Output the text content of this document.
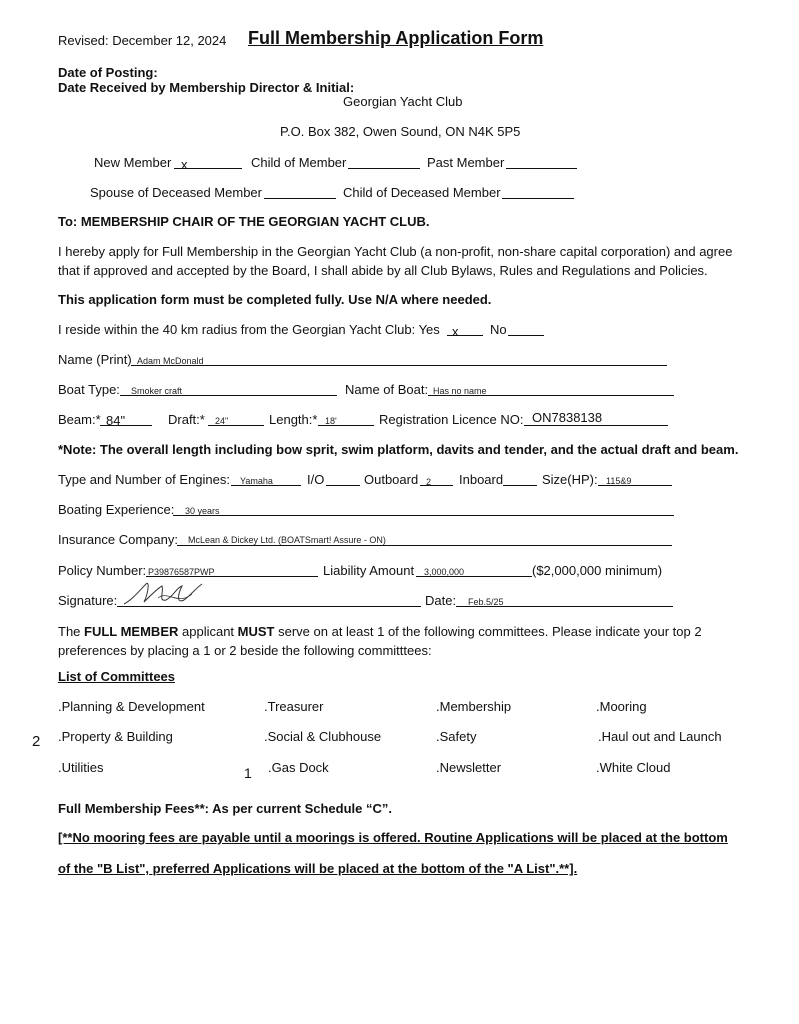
Revised: December 12, 2024 Full Membership Application Form
Date of Posting:
Date Received by Membership Director & Initial:
Georgian Yacht Club
P.O. Box 382, Owen Sound, ON N4K 5P5
New Member x	Child of Member	Past Member
Spouse of Deceased Member	Child of Deceased Member
To: MEMBERSHIP CHAIR OF THE GEORGIAN YACHT CLUB.
I hereby apply for Full Membership in the Georgian Yacht Club (a non-profit, non-share capital corporation) and agree that if approved and accepted by the Board, I shall abide by all Club Bylaws, Rules and Regulations and Policies.
This application form must be completed fully. Use N/A where needed.
I reside within the 40 km radius from the Georgian Yacht Club: Yes x No
Name (Print) Adam McDonald
Boat Type: Smoker craft	Name of Boat: Has no name
Beam:* 84"	Draft:* 24"	Length:* 18'	Registration Licence NO: ON7838138
*Note: The overall length including bow sprit, swim platform, davits and tender, and the actual draft and beam.
Type and Number of Engines: Yamaha	I/O	Outboard 2 Inboard	Size(HP): 115&9
Boating Experience: 30 years
Insurance Company: McLean & Dickey Ltd. (BOATSmart! Assure - ON)
Policy Number: P39876587PWP	Liability Amount 3,000,000	($2,000,000 minimum)
Signature:	Date: Feb.5/25
The FULL MEMBER applicant MUST serve on at least 1 of the following committees. Please indicate your top 2 preferences by placing a 1 or 2 beside the following committtees:
List of Committees
.Planning & Development	.Treasurer	.Membership	.Mooring
.Property & Building	.Social & Clubhouse	.Safety	.Haul out and Launch
.Utilities	.Gas Dock	.Newsletter	.White Cloud
2
1
Full Membership Fees**: As per current Schedule “C”.
[**No mooring fees are payable until a moorings is offered. Routine Applications will be placed at the bottom
of the "B List", preferred Applications will be placed at the bottom of the "A List".**].
